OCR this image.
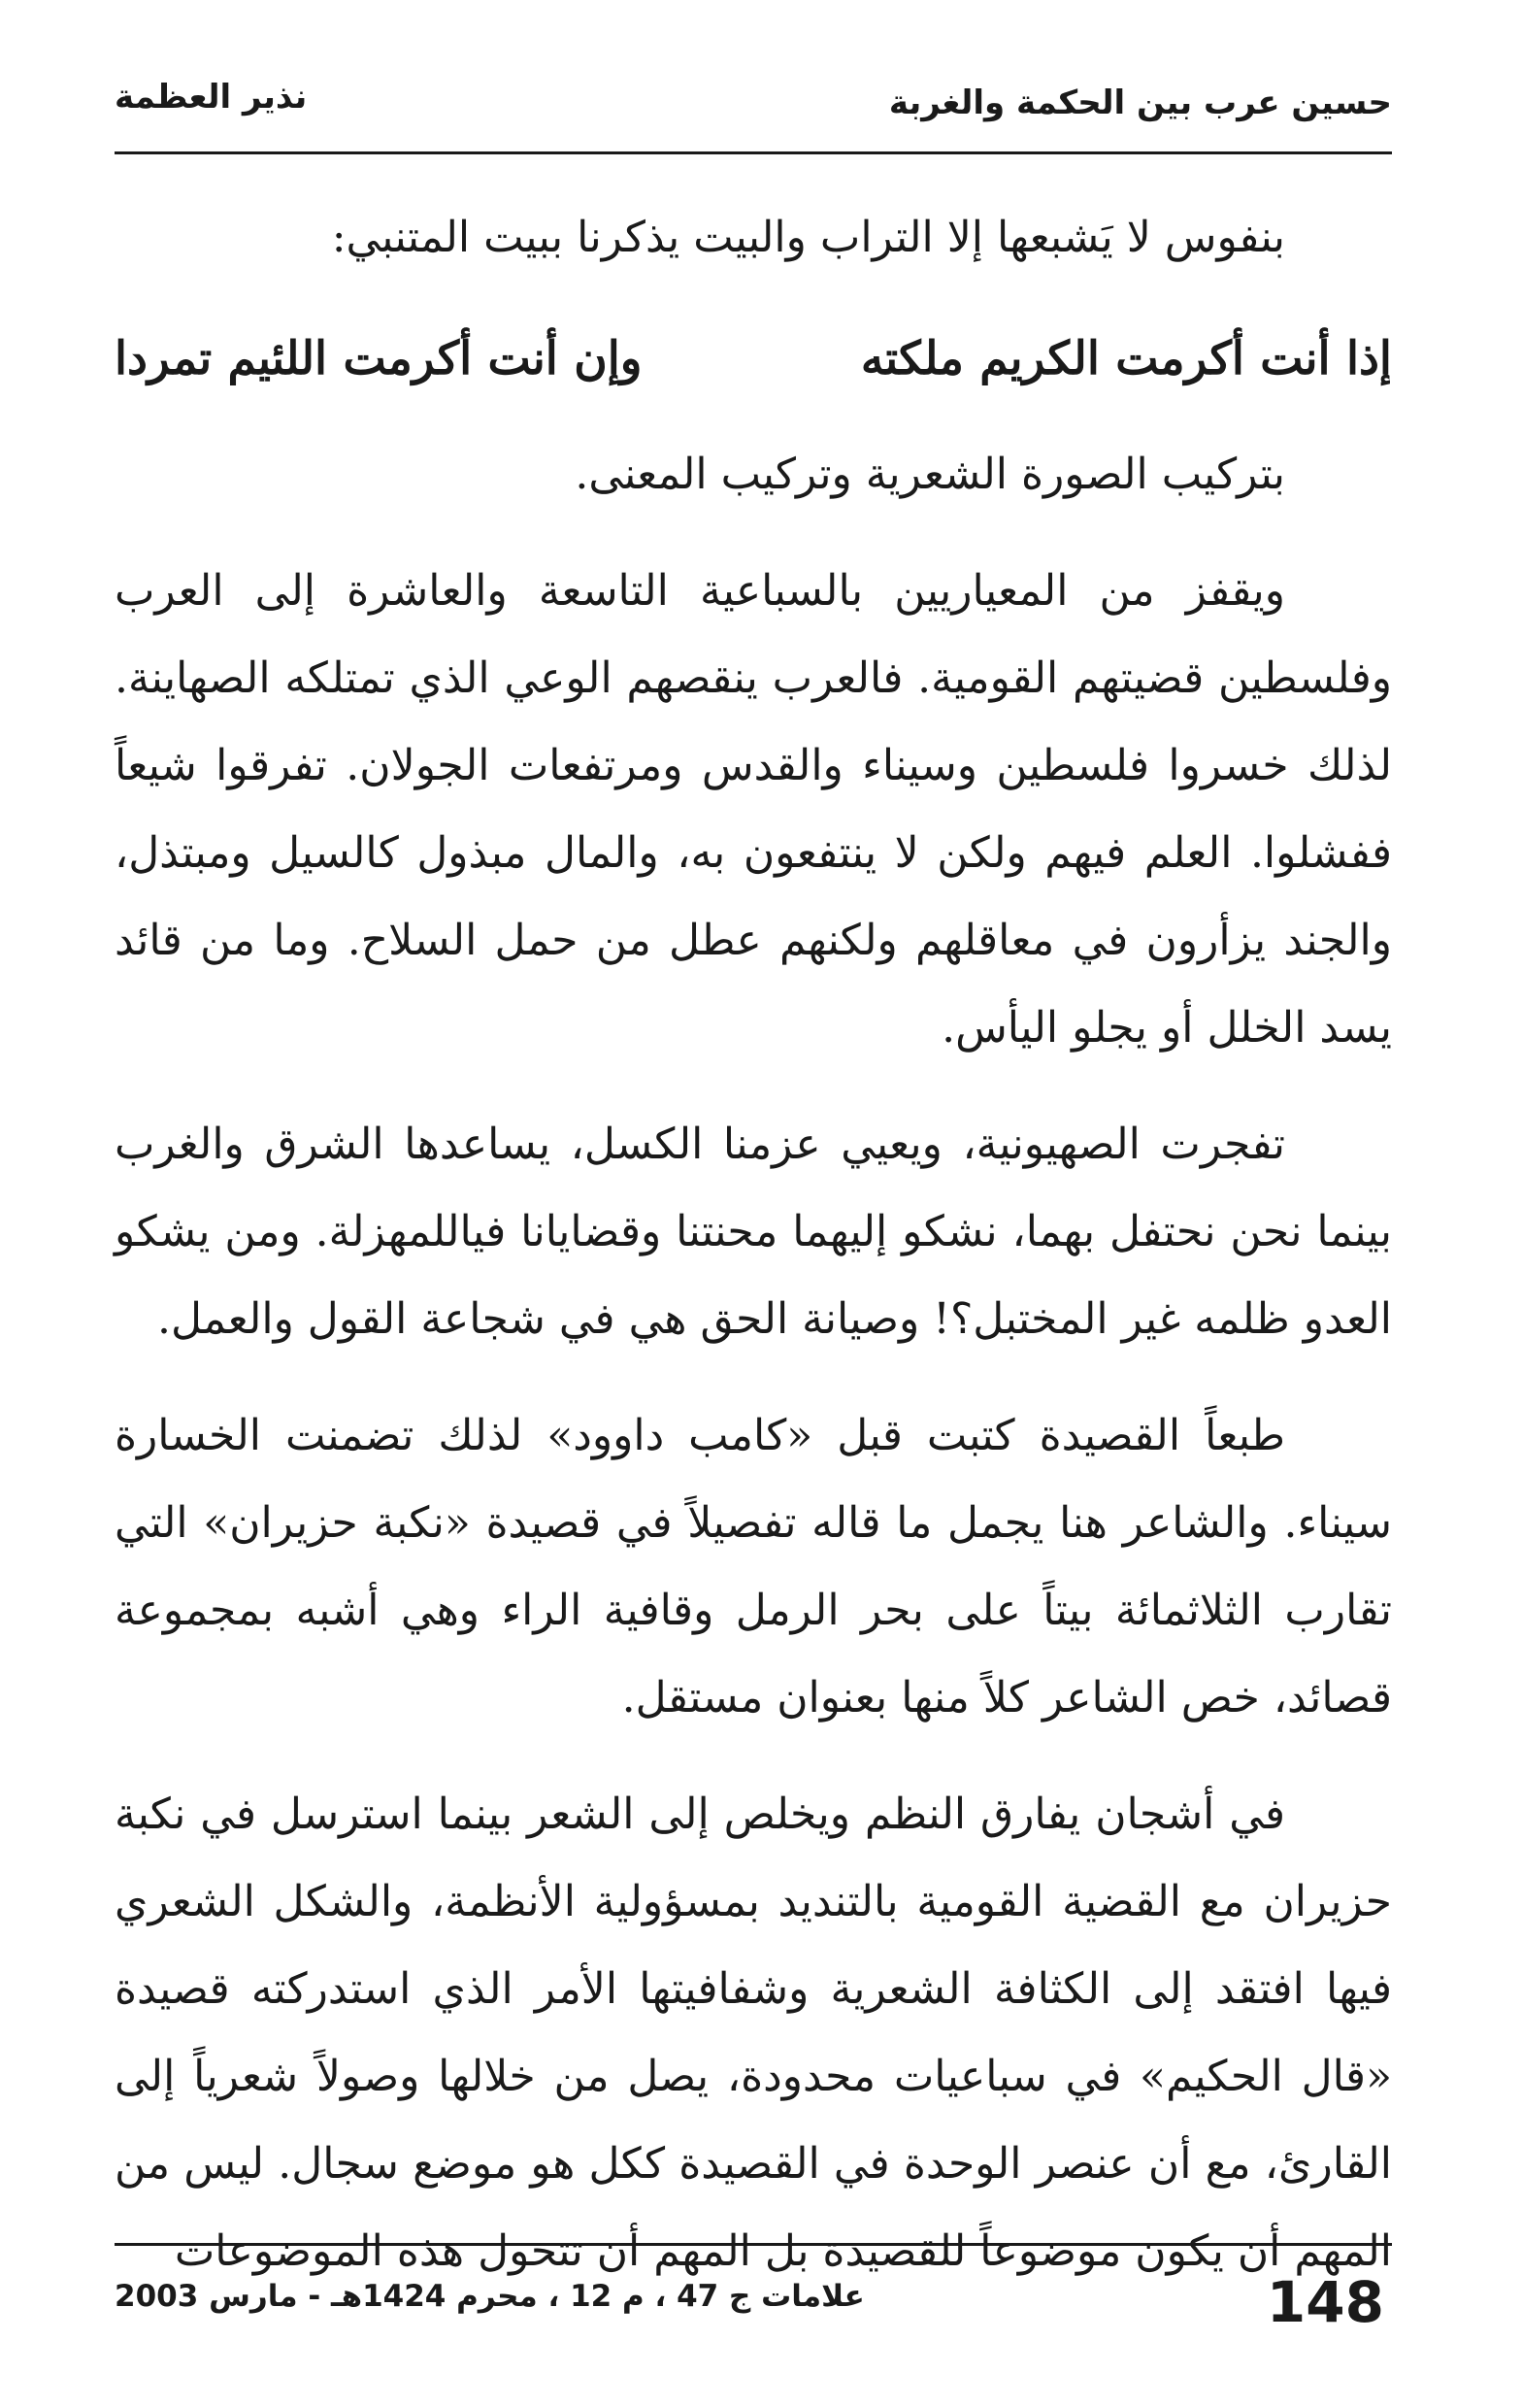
حسين عرب بين الحكمة والغربة
نذير العظمة

بنفوس لا يَشبعها إلا التراب والبيت يذكرنا ببيت المتنبي:

إذا أنت أكرمت الكريم ملكته
وإن أنت أكرمت اللئيم تمردا

بتركيب الصورة الشعرية وتركيب المعنى.

ويقفز من المعياريين بالسباعية التاسعة والعاشرة إلى العرب وفلسطين قضيتهم القومية. فالعرب ينقصهم الوعي الذي تمتلكه الصهاينة. لذلك خسروا فلسطين وسيناء والقدس ومرتفعات الجولان. تفرقوا شيعاً ففشلوا. العلم فيهم ولكن لا ينتفعون به، والمال مبذول كالسيل ومبتذل، والجند يزأرون في معاقلهم ولكنهم عطل من حمل السلاح. وما من قائد يسد الخلل أو يجلو اليأس.

تفجرت الصهيونية، ويعيي عزمنا الكسل، يساعدها الشرق والغرب بينما نحن نحتفل بهما، نشكو إليهما محنتنا وقضايانا فياللمهزلة. ومن يشكو العدو ظلمه غير المختبل؟! وصيانة الحق هي في شجاعة القول والعمل.

طبعاً القصيدة كتبت قبل «كامب داوود» لذلك تضمنت الخسارة سيناء. والشاعر هنا يجمل ما قاله تفصيلاً في قصيدة «نكبة حزيران» التي تقارب الثلاثمائة بيتاً على بحر الرمل وقافية الراء وهي أشبه بمجموعة قصائد، خص الشاعر كلاً منها بعنوان مستقل.

في أشجان يفارق النظم ويخلص إلى الشعر بينما استرسل في نكبة حزيران مع القضية القومية بالتنديد بمسؤولية الأنظمة، والشكل الشعري فيها افتقد إلى الكثافة الشعرية وشفافيتها الأمر الذي استدركته قصيدة «قال الحكيم» في سباعيات محدودة، يصل من خلالها وصولاً شعرياً إلى القارئ، مع أن عنصر الوحدة في القصيدة ككل هو موضع سجال. ليس من المهم أن يكون موضوعاً للقصيدة بل المهم أن تتحول هذه الموضوعات

148
علامات ج 47 ، م 12 ، محرم 1424هـ - مارس 2003
